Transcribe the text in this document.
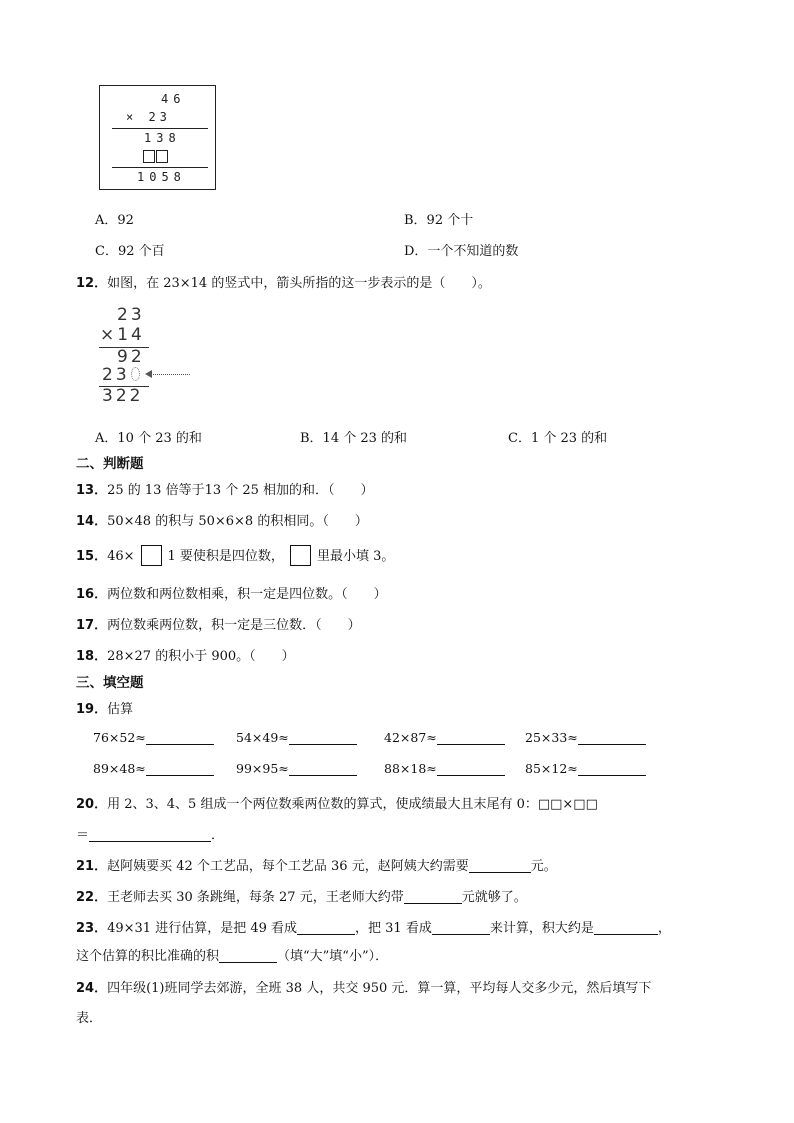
46
× 23
138
1058
A．92	B．92 个十
C．92 个百	D．一个不知道的数
12．如图，在 23×14 的竖式中，箭头所指的这一步表示的是（　　）。
23
×14
92
23
322
A．10 个 23 的和	B．14 个 23 的和	C．1 个 23 的和
二、判断题
13．25 的 13 倍等于13 个 25 相加的和．（　　）
14．50×48 的积与 50×6×8 的积相同。（　　）
15．46×	1 要使积是四位数，	里最小填 3。
16．两位数和两位数相乘，积一定是四位数。（　　）
17．两位数乘两位数，积一定是三位数．（　　）
18．28×27 的积小于 900。（　　）
三、填空题
19．估算
76×52≈	54×49≈	42×87≈	25×33≈
89×48≈	99×95≈	88×18≈	85×12≈
20．用 2、3、4、5 组成一个两位数乘两位数的算式，使成绩最大且末尾有 0：□□×□□
＝	．
21．赵阿姨要买 42 个工艺品，每个工艺品 36 元，赵阿姨大约需要	元。
22．王老师去买 30 条跳绳，每条 27 元，王老师大约带	元就够了。
23．49×31 进行估算，是把 49 看成	，把 31 看成	来计算，积大约是	，
这个估算的积比准确的积	（填“大”填“小”）．
24．四年级(1)班同学去郊游，全班 38 人，共交 950 元．算一算，平均每人交多少元，然后填写下
表．
